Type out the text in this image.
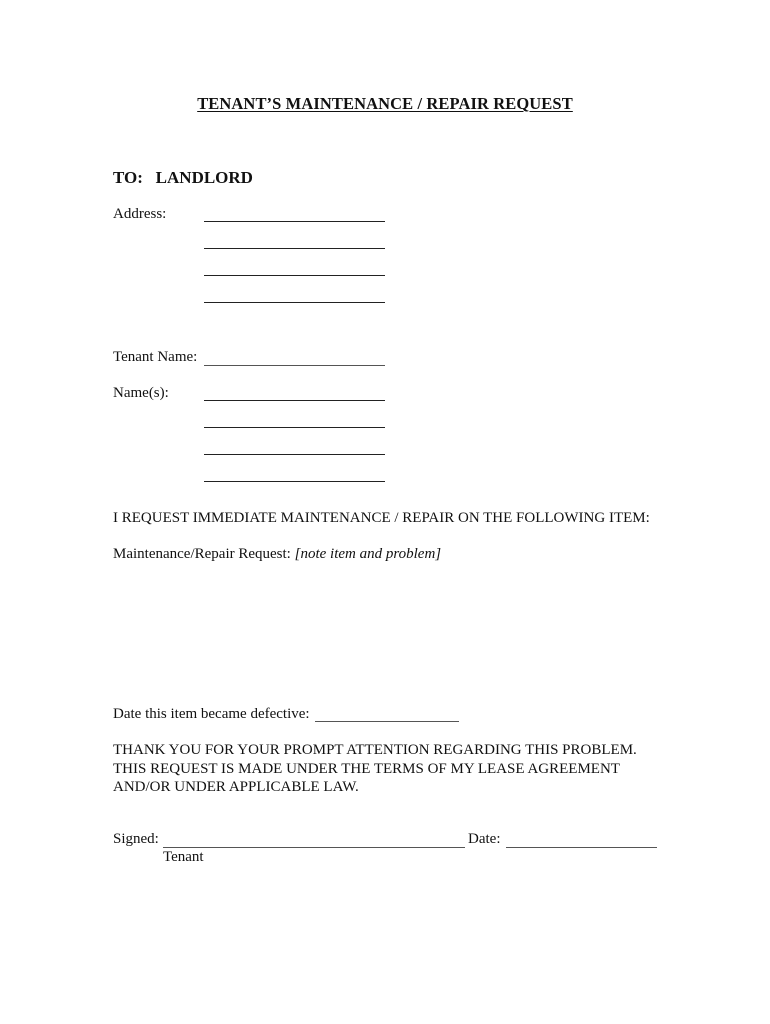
TENANT’S MAINTENANCE / REPAIR REQUEST
TO: LANDLORD
Address:
Tenant Name:
Name(s):
I REQUEST IMMEDIATE MAINTENANCE / REPAIR ON THE FOLLOWING ITEM:
Maintenance/Repair Request: [note item and problem]
Date this item became defective:
THANK YOU FOR YOUR PROMPT ATTENTION REGARDING THIS PROBLEM.
THIS REQUEST IS MADE UNDER THE TERMS OF MY LEASE AGREEMENT
AND/OR UNDER APPLICABLE LAW.
Signed:
Tenant
Date:
